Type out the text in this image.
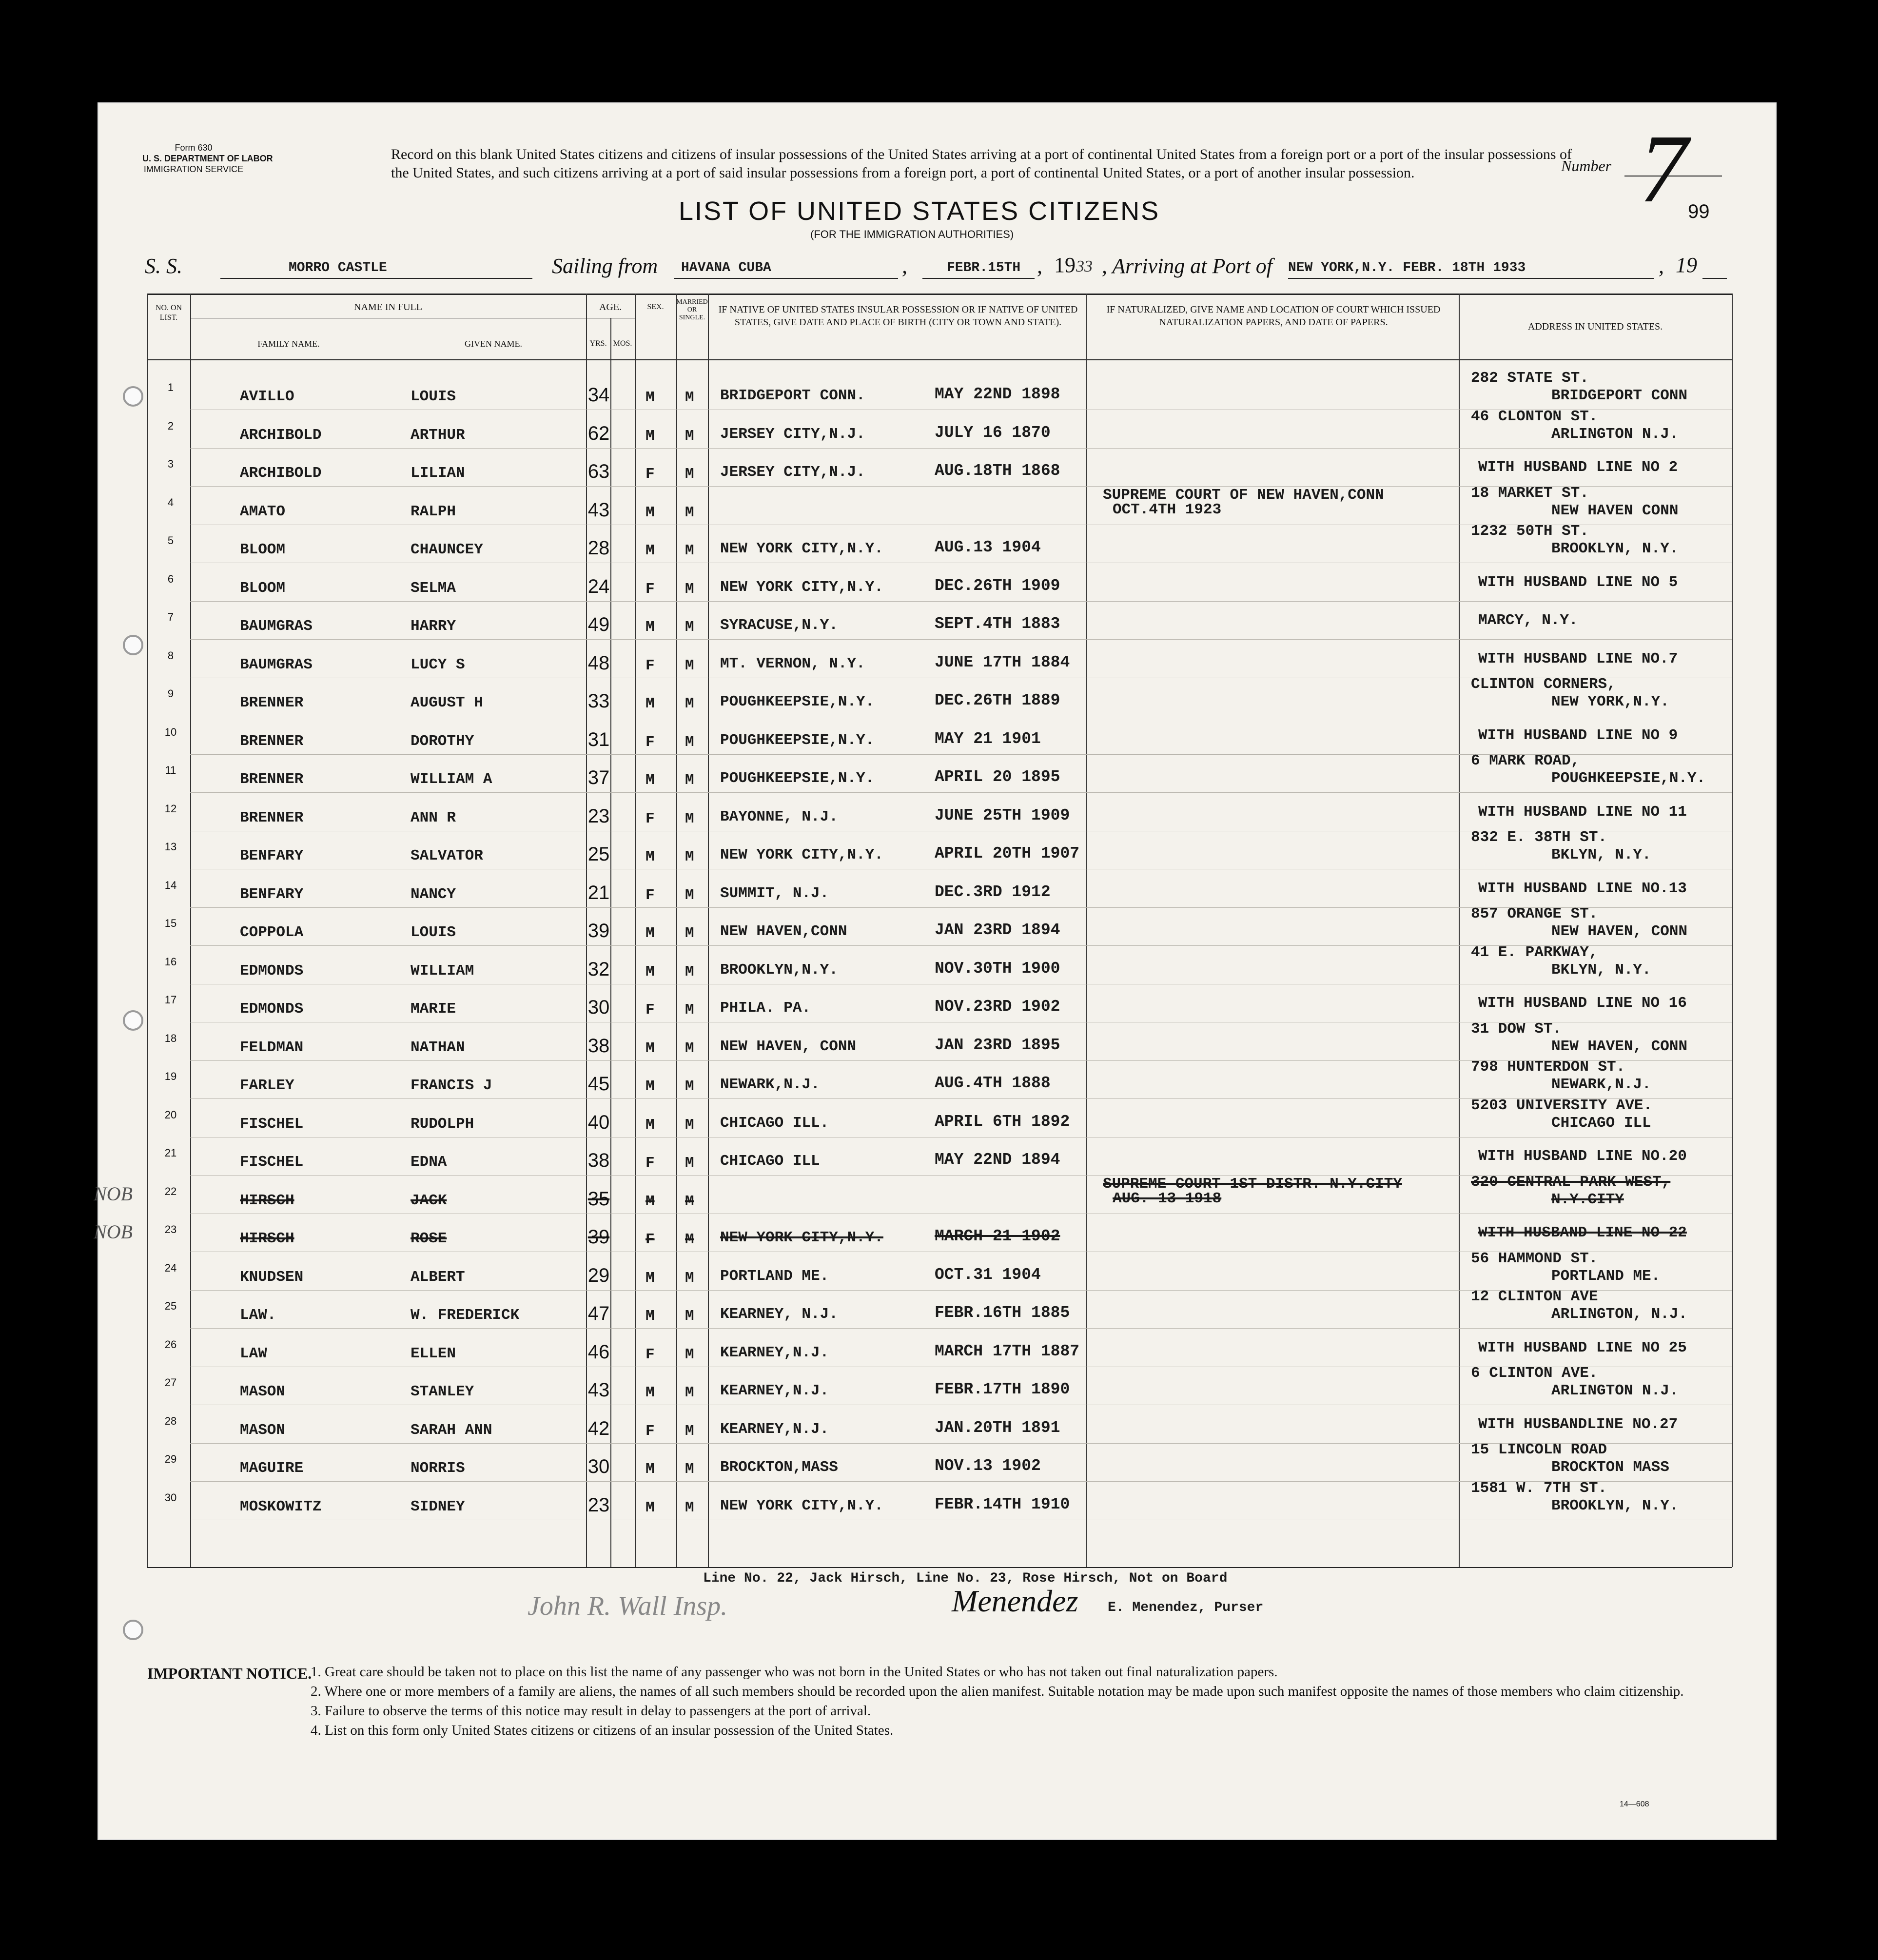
Form 630
U. S. DEPARTMENT OF LABOR
IMMIGRATION SERVICE
Record on this blank United States citizens and citizens of insular possessions of the United States arriving at a port of continental United States from a foreign port or a port of the insular possessions of the United States, and such citizens arriving at a port of said insular possessions from a foreign port, a port of continental United States, or a port of another insular possession.	Number 7 99
LIST OF UNITED STATES CITIZENS
(FOR THE IMMIGRATION AUTHORITIES)
S. S.	MORRO CASTLE	Sailing from HAVANA CUBA	,	FEBR.15TH , 19 33 , Arriving at Port of NEW YORK,N.Y. FEBR. 18TH 1933	, 19
NO. ON LIST.
NAME IN FULL
FAMILY NAME.	GIVEN NAME.
AGE.
YRS. MOS.
SEX.
MARRIED OR SINGLE.
IF NATIVE OF UNITED STATES INSULAR POSSESSION OR IF NATIVE OF UNITED STATES, GIVE DATE AND PLACE OF BIRTH (CITY OR TOWN AND STATE).
IF NATURALIZED, GIVE NAME AND LOCATION OF COURT WHICH ISSUED NATURALIZATION PAPERS, AND DATE OF PAPERS.	ADDRESS IN UNITED STATES.
1
AVILLO	LOUIS	34 M M BRIDGEPORT CONN.	MAY 22ND 1898
282 STATE ST.
BRIDGEPORT CONN
2
ARCHIBOLD	ARTHUR	62 M M JERSEY CITY,N.J.	JULY 16 1870
46 CLONTON ST.
ARLINGTON N.J.
3
ARCHIBOLD	LILIAN	63 F M JERSEY CITY,N.J.	AUG.18TH 1868	WITH HUSBAND LINE NO 2
4
AMATO	RALPH	43 M M
SUPREME COURT OF NEW HAVEN,CONN
OCT.4TH 1923
18 MARKET ST.
NEW HAVEN CONN
5
BLOOM	CHAUNCEY	28 M M NEW YORK CITY,N.Y.	AUG.13 1904
1232 50TH ST.
BROOKLYN, N.Y.
6
BLOOM	SELMA	24 F M NEW YORK CITY,N.Y.	DEC.26TH 1909	WITH HUSBAND LINE NO 5
7
BAUMGRAS	HARRY	49 M M SYRACUSE,N.Y.	SEPT.4TH 1883	MARCY, N.Y.
8
BAUMGRAS	LUCY S	48 F M MT. VERNON, N.Y.	JUNE 17TH 1884	WITH HUSBAND LINE NO.7
9
BRENNER	AUGUST H	33 M M POUGHKEEPSIE,N.Y.	DEC.26TH 1889
CLINTON CORNERS,
NEW YORK,N.Y.
10
BRENNER	DOROTHY	31 F M POUGHKEEPSIE,N.Y.	MAY 21 1901	WITH HUSBAND LINE NO 9
11
BRENNER	WILLIAM A	37 M M POUGHKEEPSIE,N.Y.	APRIL 20 1895
6 MARK ROAD,
POUGHKEEPSIE,N.Y.
12
BRENNER	ANN R	23 F M BAYONNE, N.J.	JUNE 25TH 1909	WITH HUSBAND LINE NO 11
13
BENFARY	SALVATOR	25 M M NEW YORK CITY,N.Y.	APRIL 20TH 1907
832 E. 38TH ST.
BKLYN, N.Y.
14
BENFARY	NANCY	21 F M SUMMIT, N.J.	DEC.3RD 1912	WITH HUSBAND LINE NO.13
15
COPPOLA	LOUIS	39 M M NEW HAVEN,CONN	JAN 23RD 1894
857 ORANGE ST.
NEW HAVEN, CONN
16
EDMONDS	WILLIAM	32 M M BROOKLYN,N.Y.	NOV.30TH 1900
41 E. PARKWAY,
BKLYN, N.Y.
17
EDMONDS	MARIE	30 F M PHILA. PA.	NOV.23RD 1902	WITH HUSBAND LINE NO 16
18
FELDMAN	NATHAN	38 M M NEW HAVEN, CONN	JAN 23RD 1895
31 DOW ST.
NEW HAVEN, CONN
19
FARLEY	FRANCIS J	45 M M NEWARK,N.J.	AUG.4TH 1888
798 HUNTERDON ST.
NEWARK,N.J.
20
FISCHEL	RUDOLPH	40 M M CHICAGO ILL.	APRIL 6TH 1892
5203 UNIVERSITY AVE.
CHICAGO ILL
21
FISCHEL	EDNA	38 F M CHICAGO ILL	MAY 22ND 1894	WITH HUSBAND LINE NO.20
22
HIRSCH	JACK	35 M M
SUPREME COURT 1ST DISTR. N.Y.CITY
AUG. 13 1918
320 CENTRAL PARK WEST,
N.Y.CITY
NOB
23
HIRSCH	ROSE	39 F M NEW YORK CITY,N.Y.	MARCH 21 1902	WITH HUSBAND LINE NO 22
NOB
24
KNUDSEN	ALBERT	29 M M PORTLAND ME.	OCT.31 1904
56 HAMMOND ST.
PORTLAND ME.
25
LAW.	W. FREDERICK	47 M M KEARNEY, N.J.	FEBR.16TH 1885
12 CLINTON AVE
ARLINGTON, N.J.
26
LAW	ELLEN	46 F M KEARNEY,N.J.	MARCH 17TH 1887	WITH HUSBAND LINE NO 25
27
MASON	STANLEY	43 M M KEARNEY,N.J.	FEBR.17TH 1890
6 CLINTON AVE.
ARLINGTON N.J.
28
MASON	SARAH ANN	42 F M KEARNEY,N.J.	JAN.20TH 1891	WITH HUSBANDLINE NO.27
29
MAGUIRE	NORRIS	30 M M BROCKTON,MASS	NOV.13 1902
15 LINCOLN ROAD
BROCKTON MASS
30
MOSKOWITZ	SIDNEY	23 M M NEW YORK CITY,N.Y.	FEBR.14TH 1910
1581 W. 7TH ST.
BROOKLYN, N.Y.
Line No. 22, Jack Hirsch, Line No. 23, Rose Hirsch, Not on Board
John R. Wall Insp.	Menendez E. Menendez, Purser
IMPORTANT NOTICE.
1. Great care should be taken not to place on this list the name of any passenger who was not born in the United States or who has not taken out final naturalization papers.
2. Where one or more members of a family are aliens, the names of all such members should be recorded upon the alien manifest. Suitable notation may be made upon such manifest opposite the names of those members who claim citizenship.
3. Failure to observe the terms of this notice may result in delay to passengers at the port of arrival.
4. List on this form only United States citizens or citizens of an insular possession of the United States.
14—608
